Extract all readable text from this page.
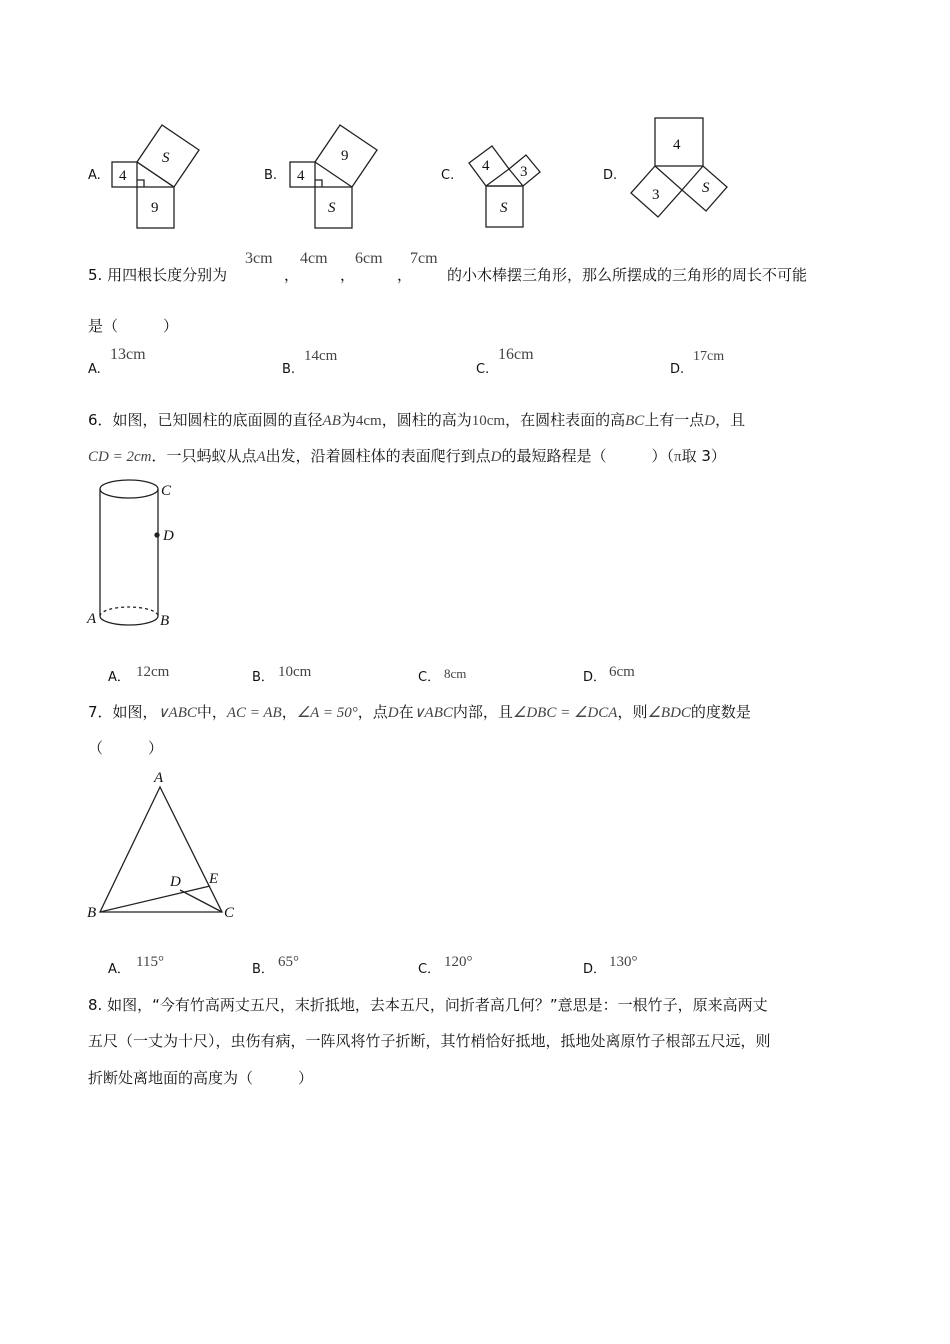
4
9
S
4
S
9
4 3
S
4
3	S
C
D
A	B
A
B	C
D E
A.	B.	C.	D.
5. 用四根长度分别为
3cm
，
4cm
，
6cm
，
7cm
的小木棒摆三角形，那么所摆成的三角形的周长不可能
是（　　　）
A.
13cm
B.
14cm
C.
16cm
D.
17cm
6．如图，已知圆柱的底面圆的直径AB为4cm，圆柱的高为10cm，在圆柱表面的高BC上有一点D，且
CD = 2cm．一只蚂蚁从点A出发，沿着圆柱体的表面爬行到点D的最短路程是（　　　）（π取 3）
A． 12cm	B． 10cm	C． 8cm	D． 6cm
7．如图，∨ABC中，AC = AB，∠A = 50°，点D在∨ABC内部，且∠DBC = ∠DCA，则∠BDC的度数是
（　　　）
A． 115°	B． 65°	C． 120°	D． 130°
8. 如图，“今有竹高两丈五尺，末折抵地，去本五尺，问折者高几何？”意思是：一根竹子，原来高两丈
五尺（一丈为十尺），虫伤有病，一阵风将竹子折断，其竹梢恰好抵地，抵地处离原竹子根部五尺远，则
折断处离地面的高度为（　　　）
